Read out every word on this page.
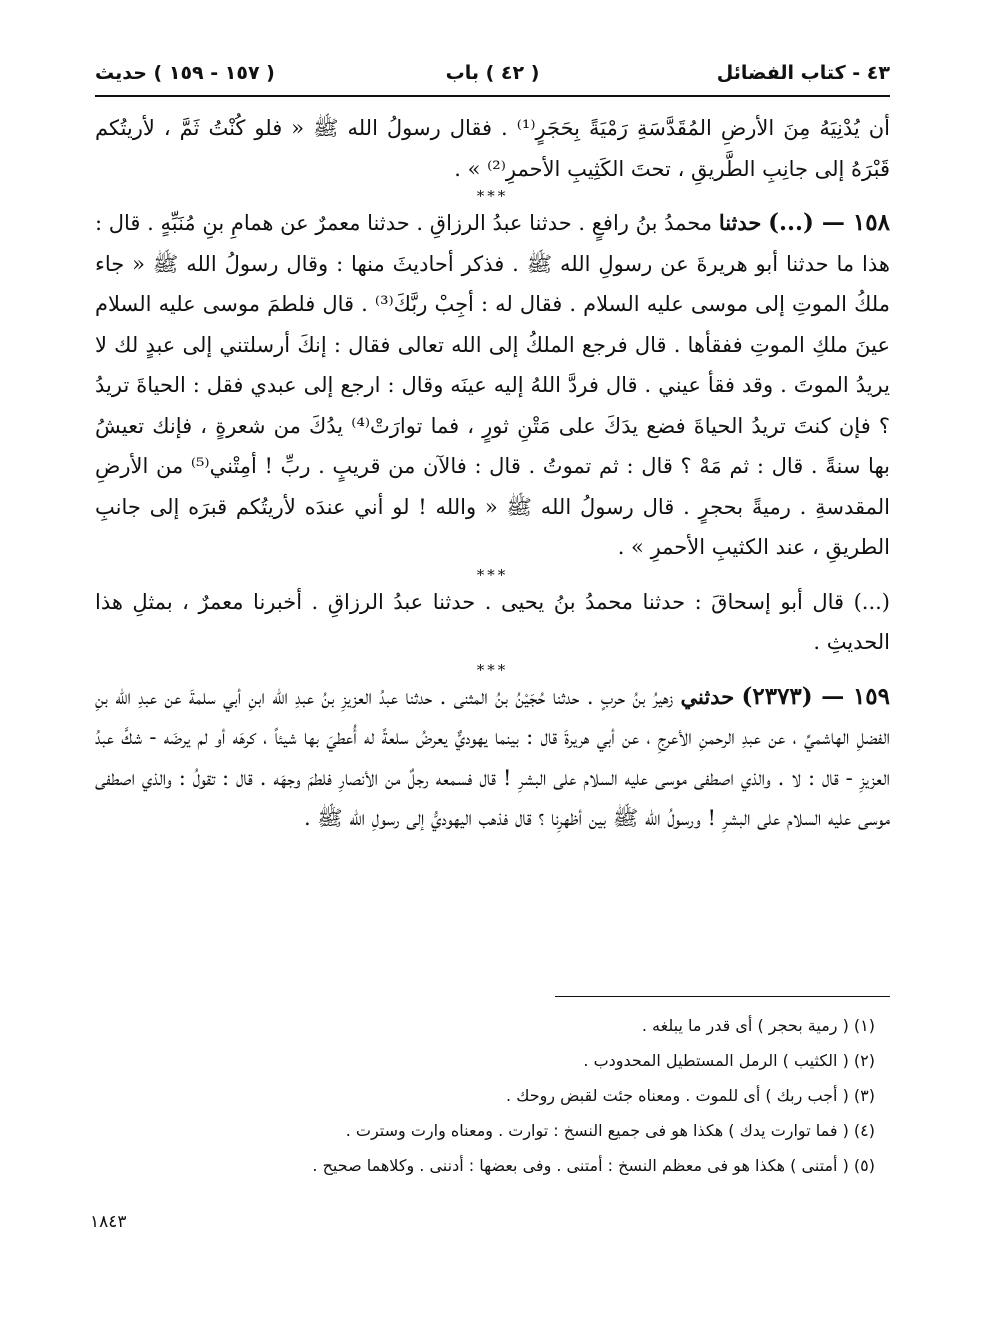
٤٣ - كتاب الفضائل
( ٤٢ ) باب
( ١٥٧ - ١٥٩ ) حديث

أن يُدْنِيَهُ مِنَ الأرضِ المُقَدَّسَةِ رَمْيَةً بِحَجَرٍ⁽¹⁾ . فقال رسولُ الله ﷺ « فلو كُنْتُ ثَمَّ ، لأريتُكم قَبْرَهُ إلى جانِبِ الطَّريقِ ، تحتَ الكَثِيبِ الأحمرِ⁽²⁾ » .

***

١٥٨ — (...) حدثنا محمدُ بنُ رافعٍ . حدثنا عبدُ الرزاقِ . حدثنا معمرٌ عن همامِ بنِ مُنَبِّهٍ . قال : هذا ما حدثنا أبو هريرةَ عن رسولِ الله ﷺ . فذكر أحاديثَ منها : وقال رسولُ الله ﷺ « جاء ملكُ الموتِ إلى موسى عليه السلام . فقال له : أجِبْ ربَّكَ⁽³⁾ . قال فلطمَ موسى عليه السلام عينَ ملكِ الموتِ ففقأها . قال فرجع الملكُ إلى الله تعالى فقال : إنكَ أرسلتني إلى عبدٍ لك لا يريدُ الموتَ . وقد فقأ عيني . قال فردَّ اللهُ إليه عينَه وقال : ارجع إلى عبدي فقل : الحياةَ تريدُ ؟ فإن كنتَ تريدُ الحياةَ فضع يدَكَ على مَتْنِ ثورٍ ، فما توارَتْ⁽⁴⁾ يدُكَ من شعرةٍ ، فإنك تعيشُ بها سنةً . قال : ثم مَهْ ؟ قال : ثم تموتُ . قال : فالآن من قريبٍ . ربِّ ! أمِتْني⁽⁵⁾ من الأرضِ المقدسةِ . رميةً بحجرٍ . قال رسولُ الله ﷺ « والله ! لو أني عندَه لأريتُكم قبرَه إلى جانبِ الطريقِ ، عند الكثيبِ الأحمرِ » .

***

(...) قال أبو إسحاقَ : حدثنا محمدُ بنُ يحيى . حدثنا عبدُ الرزاقِ . أخبرنا معمرٌ ، بمثلِ هذا الحديثِ .

***

١٥٩ — (٢٣٧٣) حدثني زهيرُ بنُ حربٍ . حدثنا حُجَيْنُ بنُ المثنى . حدثنا عبدُ العزيزِ بنُ عبدِ الله ابنِ أبي سلمةَ عن عبدِ الله بنِ الفضلِ الهاشميِّ ، عن عبدِ الرحمنِ الأعرجِ ، عن أبي هريرةَ قال : بينما يهوديٌّ يعرضُ سلعةً له أُعطيَ بها شيئاً ، كرهَه أو لم يرضَه - شكَّ عبدُ العزيزِ - قال : لا . والذي اصطفى موسى عليه السلام على البشرِ ! قال فسمعه رجلٌ من الأنصارِ فلطمَ وجهَه . قال : تقولُ : والذي اصطفى موسى عليه السلام على البشرِ ! ورسولُ الله ﷺ بين أظهرِنا ؟ قال فذهب اليهوديُّ إلى رسولِ الله ﷺ .

(١) ( رمية بحجر ) أى قدر ما يبلغه .
(٢) ( الكثيب ) الرمل المستطيل المحدودب .
(٣) ( أجب ربك ) أى للموت . ومعناه جئت لقبض روحك .
(٤) ( فما توارت يدك ) هكذا هو فى جميع النسخ : توارت . ومعناه وارت وسترت .
(٥) ( أمتنى ) هكذا هو فى معظم النسخ : أمتنى . وفى بعضها : أدننى . وكلاهما صحيح .
١٨٤٣
